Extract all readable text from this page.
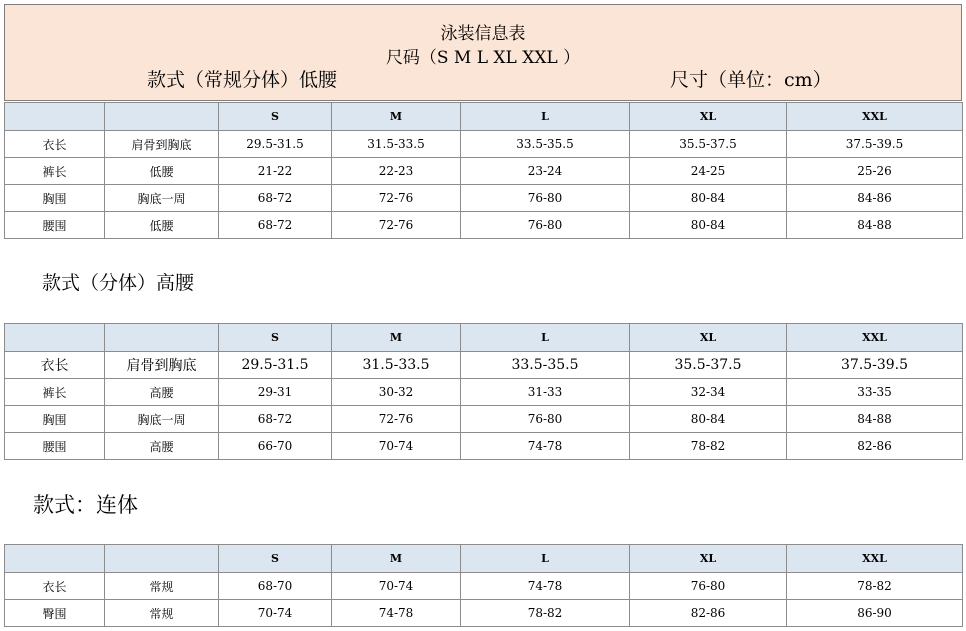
泳装信息表
尺码（S M L XL XXL ）
款式（常规分体）低腰	尺寸（单位：cm）
		S	M	L	XL	XXL
衣长	肩骨到胸底	29.5-31.5	31.5-33.5	33.5-35.5	35.5-37.5	37.5-39.5
裤长	低腰	21-22	22-23	23-24	24-25	25-26
胸围	胸底一周	68-72	72-76	76-80	80-84	84-86
腰围	低腰	68-72	72-76	76-80	80-84	84-88
款式（分体）高腰
		S	M	L	XL	XXL
衣长	肩骨到胸底	29.5-31.5	31.5-33.5	33.5-35.5	35.5-37.5	37.5-39.5
裤长	高腰	29-31	30-32	31-33	32-34	33-35
胸围	胸底一周	68-72	72-76	76-80	80-84	84-88
腰围	高腰	66-70	70-74	74-78	78-82	82-86
款式：连体
		S	M	L	XL	XXL
衣长	常规	68-70	70-74	74-78	76-80	78-82
臀围	常规	70-74	74-78	78-82	82-86	86-90
